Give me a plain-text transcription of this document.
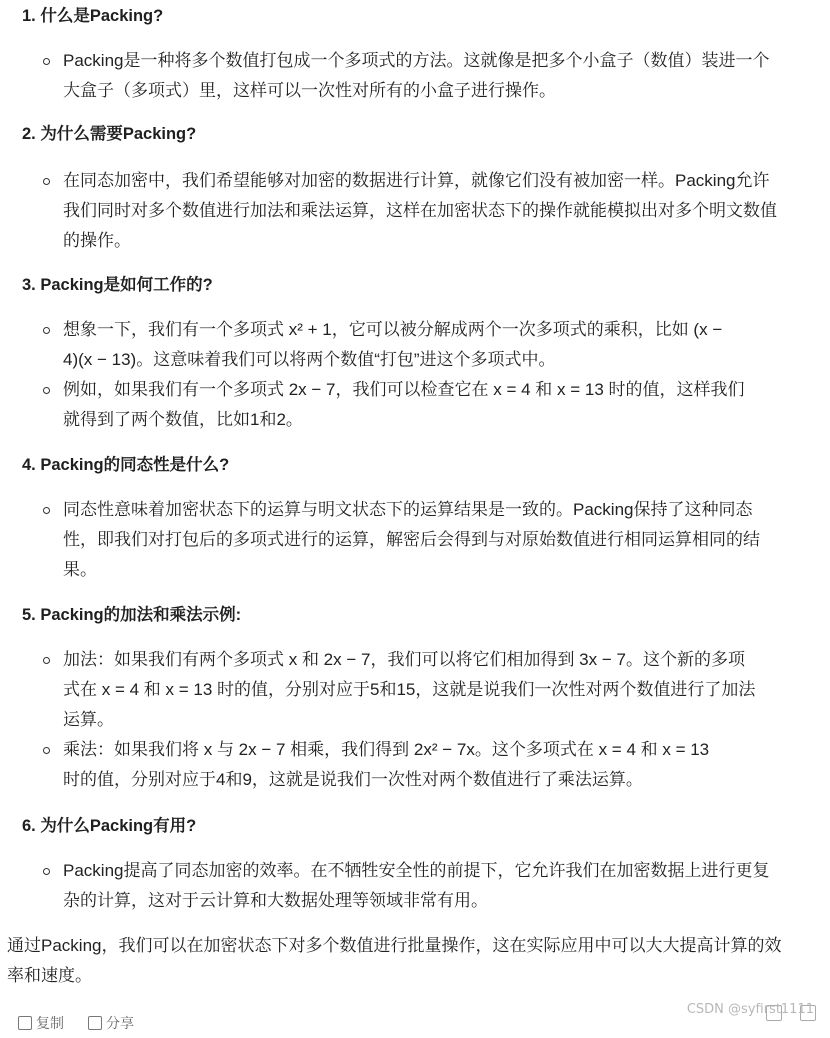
1. 什么是Packing?
Packing是一种将多个数值打包成一个多项式的方法。这就像是把多个小盒子（数值）装进一个
大盒子（多项式）里，这样可以一次性对所有的小盒子进行操作。
2. 为什么需要Packing?
在同态加密中，我们希望能够对加密的数据进行计算，就像它们没有被加密一样。Packing允许
我们同时对多个数值进行加法和乘法运算，这样在加密状态下的操作就能模拟出对多个明文数值
的操作。
3. Packing是如何工作的?
想象一下，我们有一个多项式 x² + 1，它可以被分解成两个一次多项式的乘积，比如 (x −
4)(x − 13)。这意味着我们可以将两个数值“打包”进这个多项式中。
例如，如果我们有一个多项式 2x − 7，我们可以检查它在 x = 4 和 x = 13 时的值，这样我们
就得到了两个数值，比如1和2。
4. Packing的同态性是什么?
同态性意味着加密状态下的运算与明文状态下的运算结果是一致的。Packing保持了这种同态
性，即我们对打包后的多项式进行的运算，解密后会得到与对原始数值进行相同运算相同的结
果。
5. Packing的加法和乘法示例:
加法：如果我们有两个多项式 x 和 2x − 7，我们可以将它们相加得到 3x − 7。这个新的多项
式在 x = 4 和 x = 13 时的值，分别对应于5和15，这就是说我们一次性对两个数值进行了加法
运算。
乘法：如果我们将 x 与 2x − 7 相乘，我们得到 2x² − 7x。这个多项式在 x = 4 和 x = 13
时的值，分别对应于4和9，这就是说我们一次性对两个数值进行了乘法运算。
6. 为什么Packing有用?
Packing提高了同态加密的效率。在不牺牲安全性的前提下，它允许我们在加密数据上进行更复
杂的计算，这对于云计算和大数据处理等领域非常有用。
通过Packing，我们可以在加密状态下对多个数值进行批量操作，这在实际应用中可以大大提高计算的效
率和速度。
复制	分享
CSDN @syfirst1111
